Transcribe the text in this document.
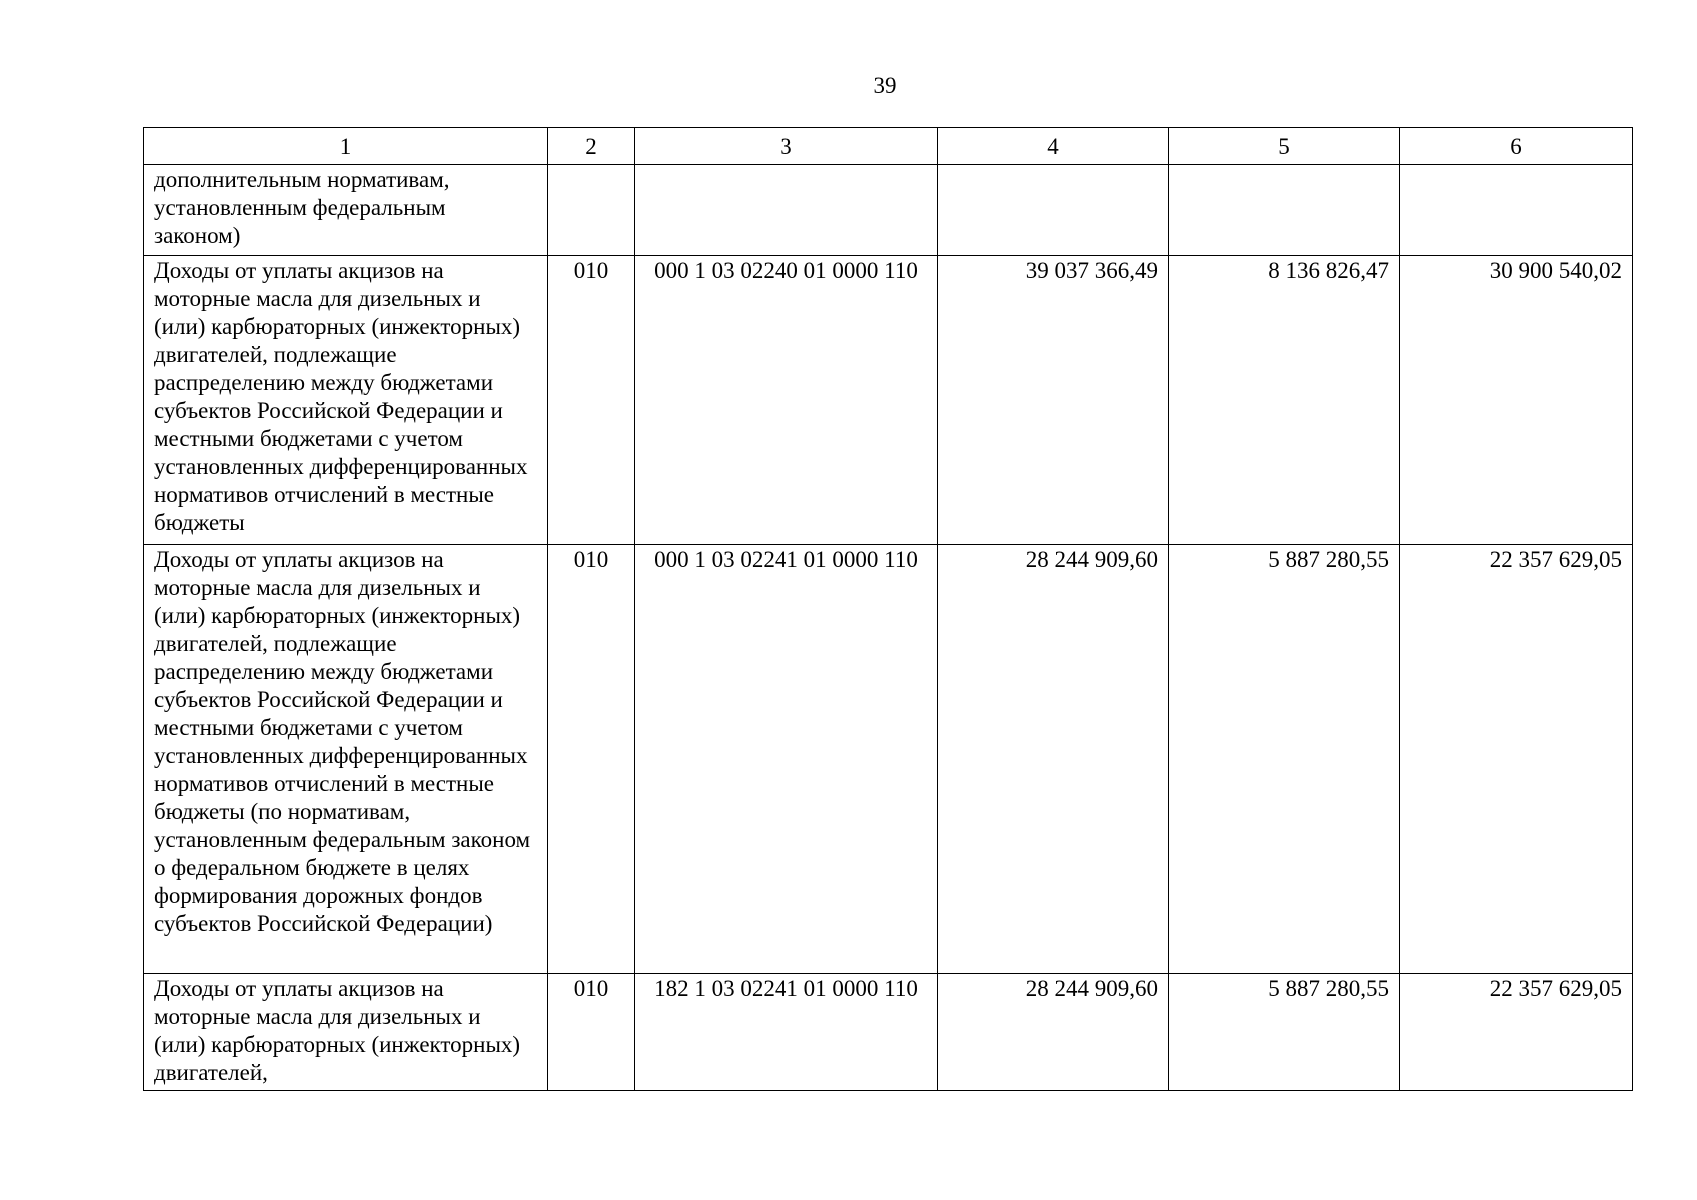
39
1	2	3	4	5	6
дополнительным нормативам, установленным федеральным законом)					
Доходы от уплаты акцизов на моторные масла для дизельных и (или) карбюраторных (инжекторных) двигателей, подлежащие распределению между бюджетами субъектов Российской Федерации и местными бюджетами с учетом установленных дифференцированных нормативов отчислений в местные бюджеты	010	000 1 03 02240 01 0000 110	39 037 366,49	8 136 826,47	30 900 540,02
Доходы от уплаты акцизов на моторные масла для дизельных и (или) карбюраторных (инжекторных) двигателей, подлежащие распределению между бюджетами субъектов Российской Федерации и местными бюджетами с учетом установленных дифференцированных нормативов отчислений в местные бюджеты (по нормативам, установленным федеральным законом о федеральном бюджете в целях формирования дорожных фондов субъектов Российской Федерации)	010	000 1 03 02241 01 0000 110	28 244 909,60	5 887 280,55	22 357 629,05
Доходы от уплаты акцизов на моторные масла для дизельных и (или) карбюраторных (инжекторных) двигателей,	010	182 1 03 02241 01 0000 110	28 244 909,60	5 887 280,55	22 357 629,05
